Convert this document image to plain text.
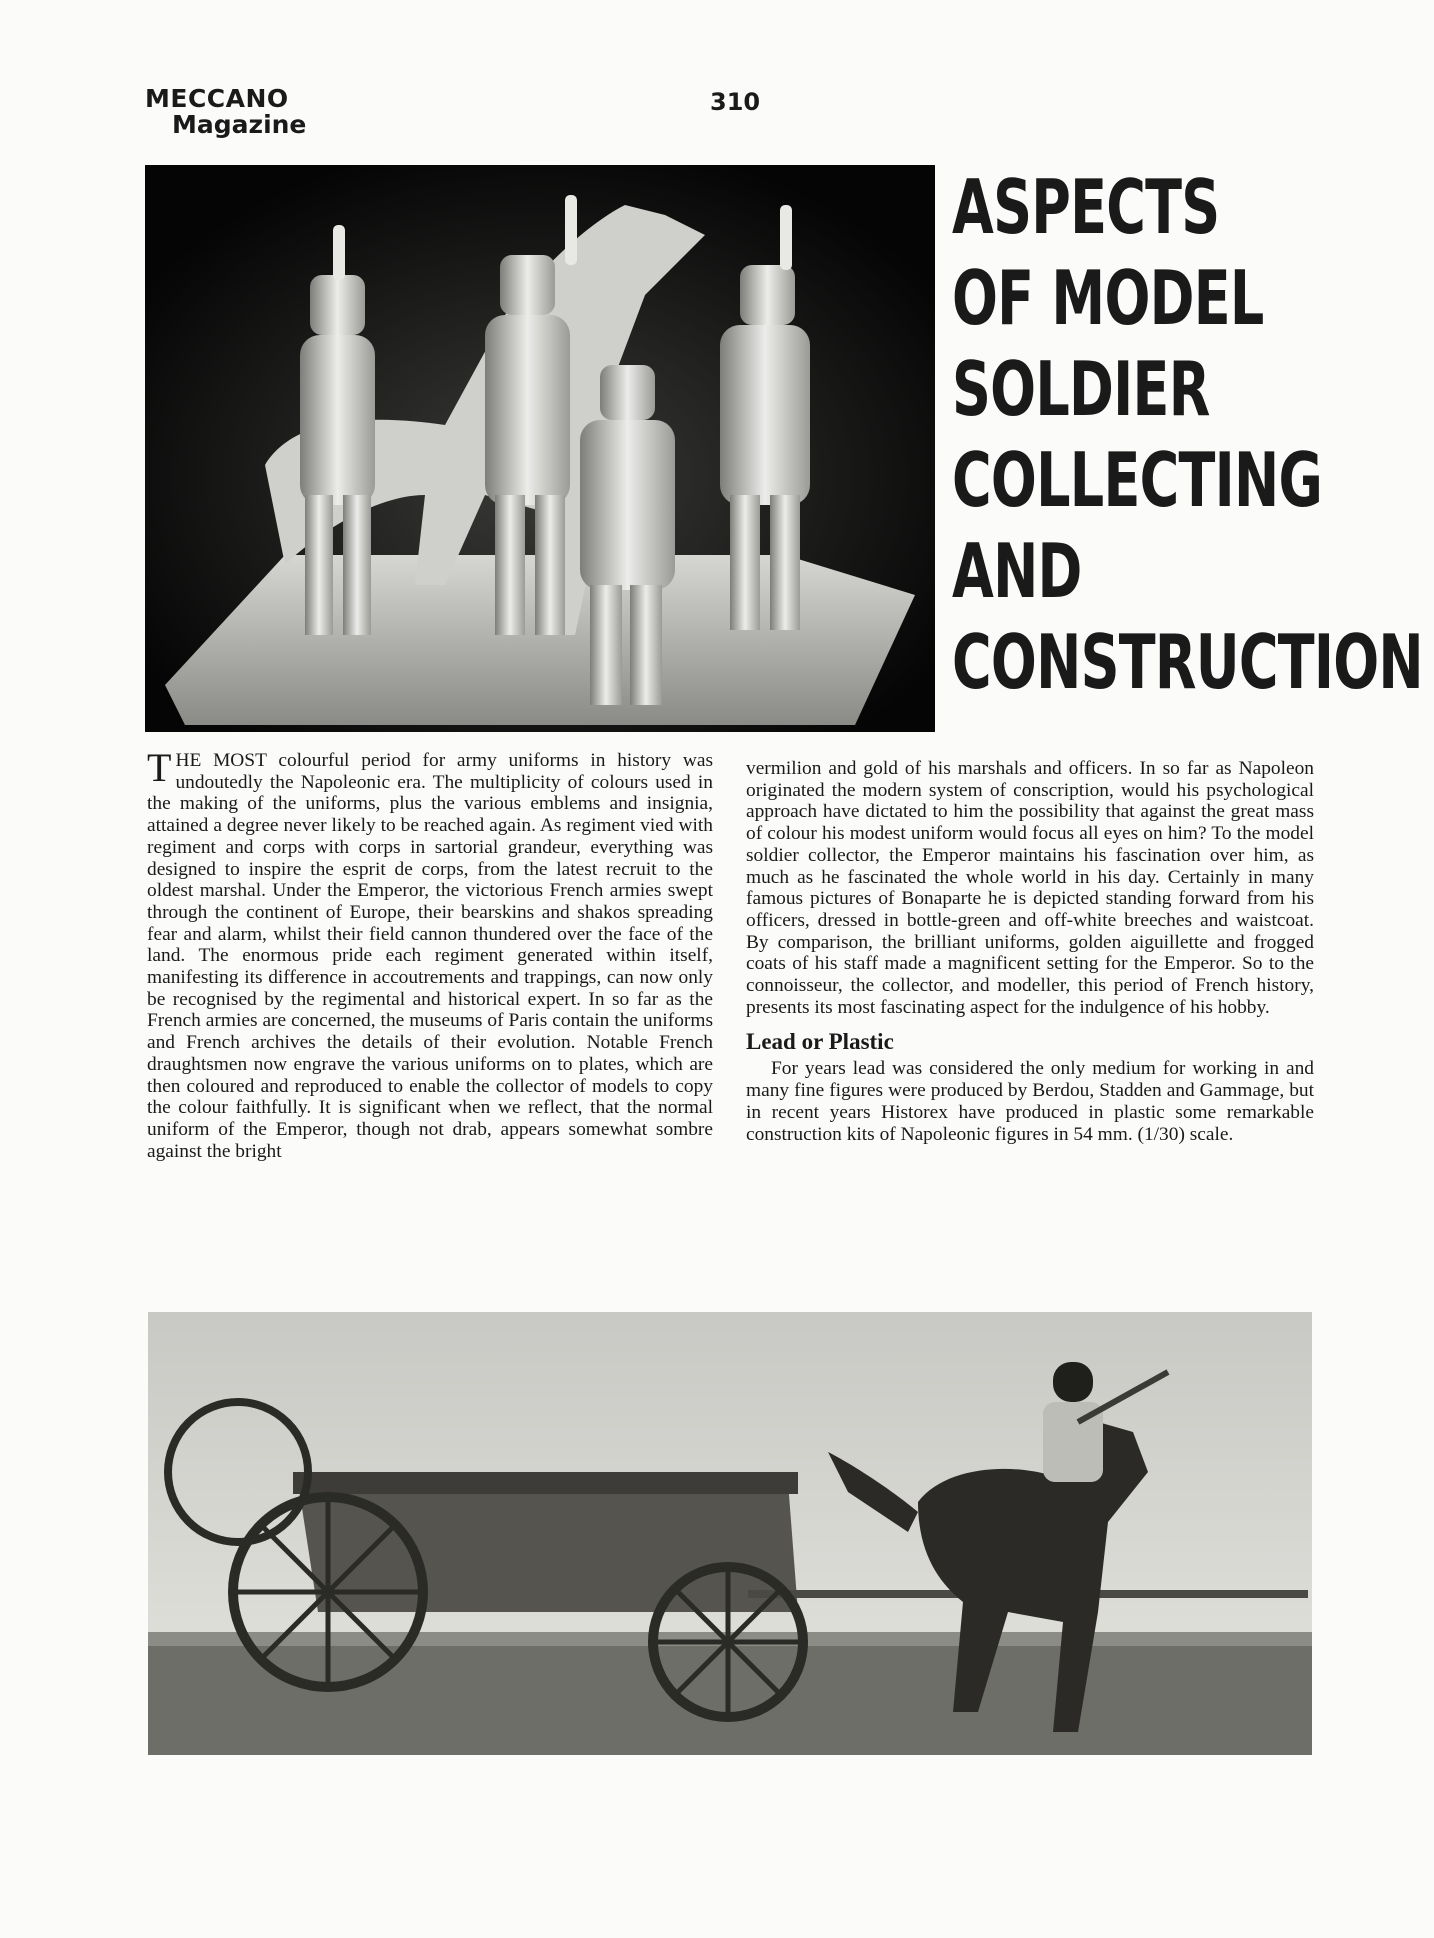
MECCANO
Magazine
310
ASPECTS
OF MODEL
SOLDIER
COLLECTING
AND
CONSTRUCTION

THE MOST colourful period for army uniforms in history was undoutedly the Napoleonic era. The multiplicity of colours used in the making of the uniforms, plus the various emblems and insignia, attained a degree never likely to be reached again. As regiment vied with regiment and corps with corps in sartorial grandeur, everything was designed to inspire the esprit de corps, from the latest recruit to the oldest marshal. Under the Emperor, the victorious French armies swept through the continent of Europe, their bearskins and shakos spreading fear and alarm, whilst their field cannon thundered over the face of the land. The enormous pride each regiment generated within itself, manifesting its difference in accoutrements and trappings, can now only be recognised by the regimental and historical expert. In so far as the French armies are concerned, the museums of Paris contain the uniforms and French archives the details of their evolution. Notable French draughtsmen now engrave the various uniforms on to plates, which are then coloured and reproduced to enable the collector of models to copy the colour faithfully. It is significant when we reflect, that the normal uniform of the Emperor, though not drab, appears somewhat sombre against the bright

vermilion and gold of his marshals and officers. In so far as Napoleon originated the modern system of conscription, would his psychological approach have dictated to him the possibility that against the great mass of colour his modest uniform would focus all eyes on him? To the model soldier collector, the Emperor maintains his fascination over him, as much as he fascinated the whole world in his day. Certainly in many famous pictures of Bonaparte he is depicted standing forward from his officers, dressed in bottle-green and off-white breeches and waistcoat. By comparison, the brilliant uniforms, golden aiguillette and frogged coats of his staff made a magnificent setting for the Emperor. So to the connoisseur, the collector, and modeller, this period of French history, presents its most fascinating aspect for the indulgence of his hobby.

Lead or Plastic

For years lead was considered the only medium for working in and many fine figures were produced by Berdou, Stadden and Gammage, but in recent years Historex have produced in plastic some remarkable construction kits of Napoleonic figures in 54 mm. (1/30) scale.
